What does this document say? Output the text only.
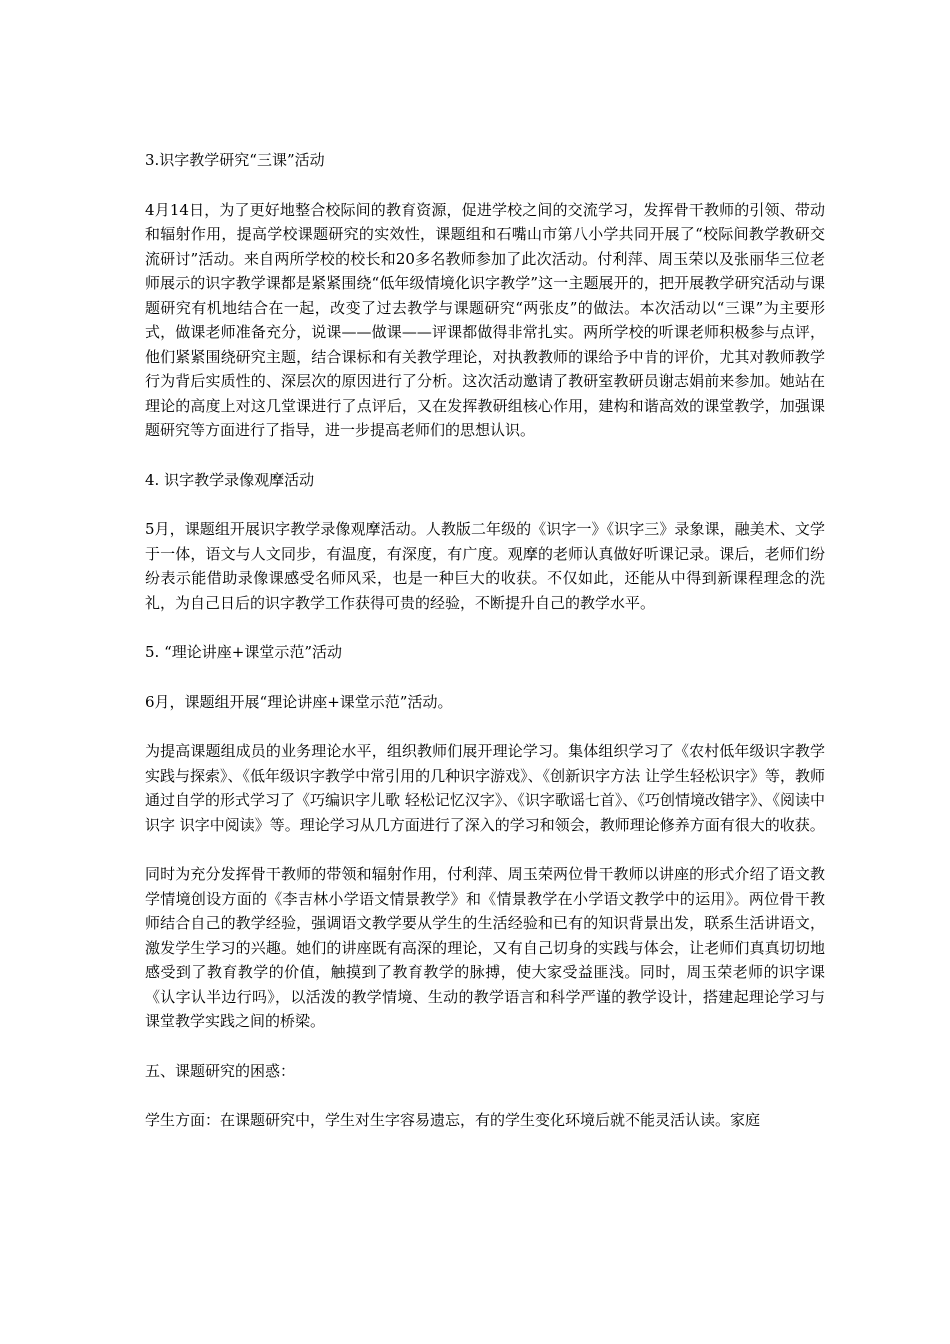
3.识字教学研究“三课”活动

4月14日，为了更好地整合校际间的教育资源，促进学校之间的交流学习，发挥骨干教师的引领、带动和辐射作用，提高学校课题研究的实效性，课题组和石嘴山市第八小学共同开展了“校际间教学教研交流研讨”活动。来自两所学校的校长和20多名教师参加了此次活动。付利萍、周玉荣以及张丽华三位老师展示的识字教学课都是紧紧围绕“低年级情境化识字教学”这一主题展开的，把开展教学研究活动与课题研究有机地结合在一起，改变了过去教学与课题研究“两张皮”的做法。本次活动以“三课”为主要形式，做课老师准备充分，说课——做课——评课都做得非常扎实。两所学校的听课老师积极参与点评，他们紧紧围绕研究主题，结合课标和有关教学理论，对执教教师的课给予中肯的评价，尤其对教师教学行为背后实质性的、深层次的原因进行了分析。这次活动邀请了教研室教研员谢志娟前来参加。她站在理论的高度上对这几堂课进行了点评后，又在发挥教研组核心作用，建构和谐高效的课堂教学，加强课题研究等方面进行了指导，进一步提高老师们的思想认识。

4. 识字教学录像观摩活动

5月，课题组开展识字教学录像观摩活动。人教版二年级的《识字一》《识字三》录象课，融美术、文学于一体，语文与人文同步，有温度，有深度，有广度。观摩的老师认真做好听课记录。课后，老师们纷纷表示能借助录像课感受名师风采，也是一种巨大的收获。不仅如此，还能从中得到新课程理念的洗礼，为自己日后的识字教学工作获得可贵的经验，不断提升自己的教学水平。

5. “理论讲座+课堂示范”活动

6月，课题组开展“理论讲座+课堂示范”活动。

为提高课题组成员的业务理论水平，组织教师们展开理论学习。集体组织学习了《农村低年级识字教学实践与探索》、《低年级识字教学中常引用的几种识字游戏》、《创新识字方法 让学生轻松识字》等，教师通过自学的形式学习了《巧编识字儿歌 轻松记忆汉字》、《识字歌谣七首》、《巧创情境改错字》、《阅读中识字 识字中阅读》等。理论学习从几方面进行了深入的学习和领会，教师理论修养方面有很大的收获。

同时为充分发挥骨干教师的带领和辐射作用，付利萍、周玉荣两位骨干教师以讲座的形式介绍了语文教学情境创设方面的《李吉林小学语文情景教学》和《情景教学在小学语文教学中的运用》。两位骨干教师结合自己的教学经验，强调语文教学要从学生的生活经验和已有的知识背景出发，联系生活讲语文，激发学生学习的兴趣。她们的讲座既有高深的理论，又有自己切身的实践与体会，让老师们真真切切地感受到了教育教学的价值，触摸到了教育教学的脉搏，使大家受益匪浅。同时，周玉荣老师的识字课《认字认半边行吗》，以活泼的教学情境、生动的教学语言和科学严谨的教学设计，搭建起理论学习与课堂教学实践之间的桥梁。

五、课题研究的困惑：

学生方面：在课题研究中，学生对生字容易遗忘，有的学生变化环境后就不能灵活认读。家庭
